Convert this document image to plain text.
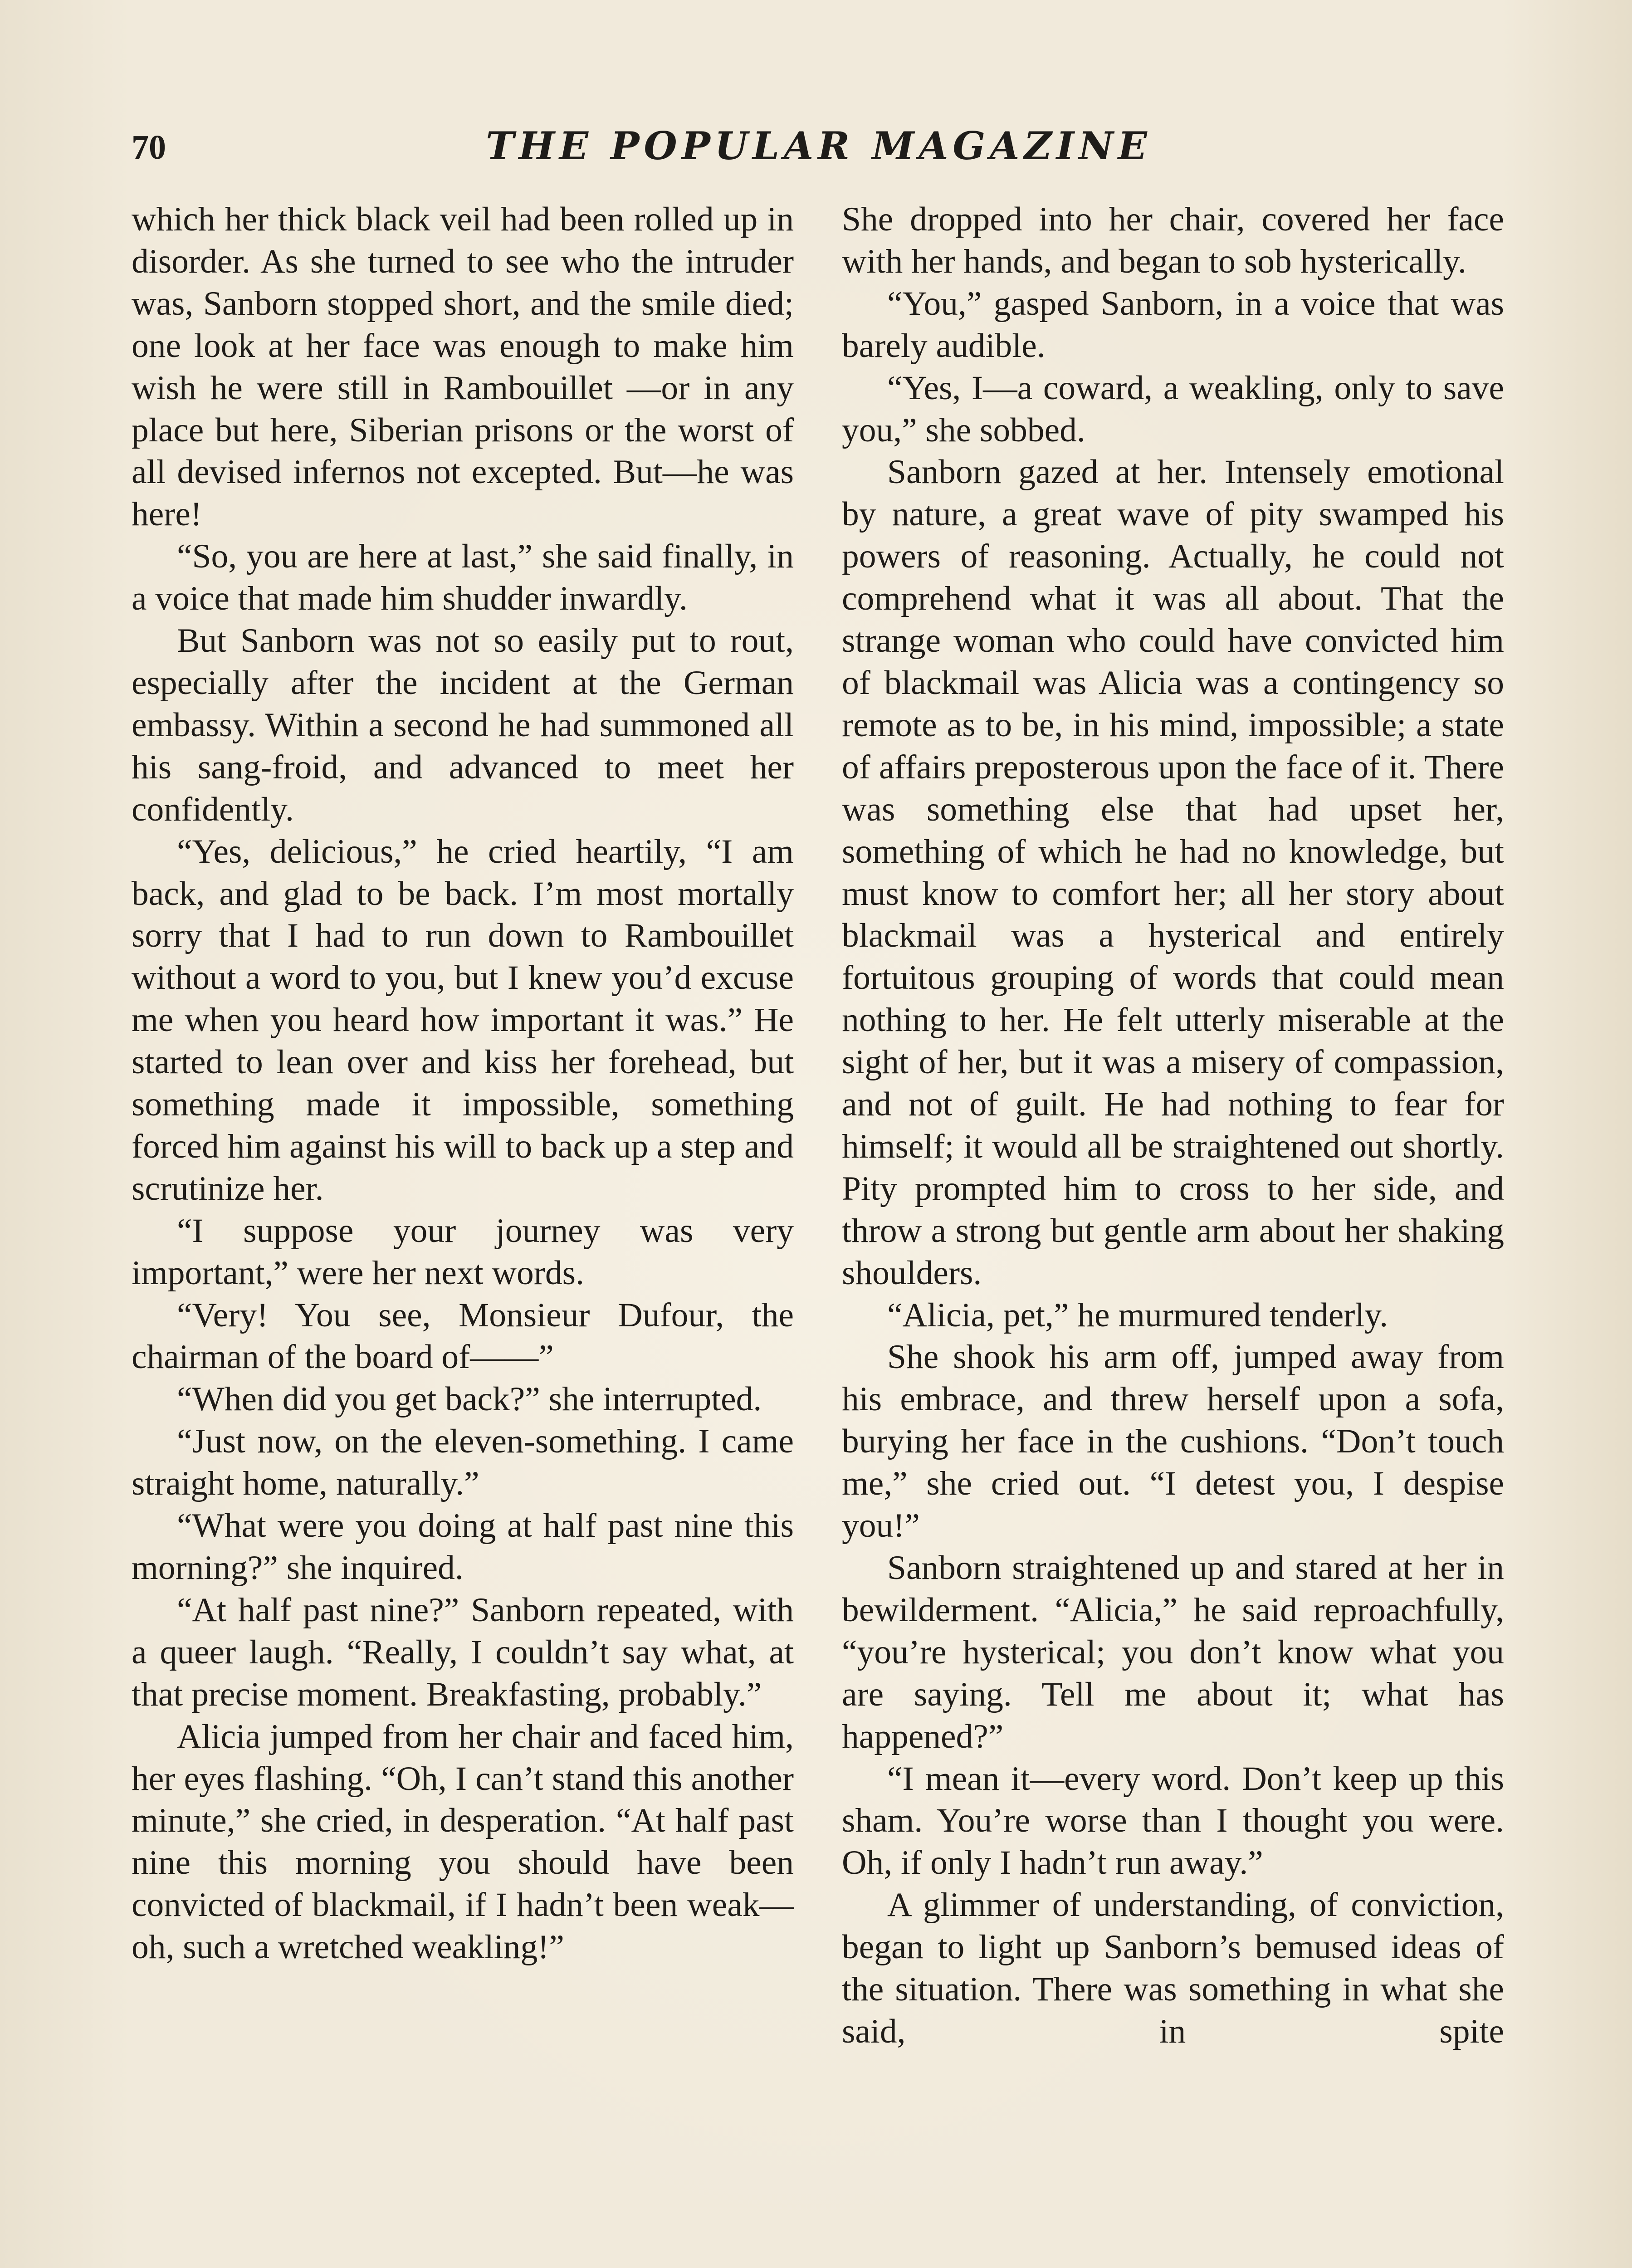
70	THE POPULAR MAGAZINE

which her thick black veil had been rolled up in disorder. As she turned to see who the intruder was, Sanborn stopped short, and the smile died; one look at her face was enough to make him wish he were still in Rambouillet —or in any place but here, Siberian prisons or the worst of all devised infernos not excepted. But—he was here!

“So, you are here at last,” she said finally, in a voice that made him shudder inwardly.

But Sanborn was not so easily put to rout, especially after the incident at the German embassy. Within a second he had summoned all his sang-froid, and advanced to meet her confidently.

“Yes, delicious,” he cried heartily, “I am back, and glad to be back. I’m most mortally sorry that I had to run down to Rambouillet without a word to you, but I knew you’d excuse me when you heard how important it was.” He started to lean over and kiss her forehead, but something made it impossible, something forced him against his will to back up a step and scrutinize her.

“I suppose your journey was very important,” were her next words.

“Very! You see, Monsieur Dufour, the chairman of the board of——”

“When did you get back?” she interrupted.

“Just now, on the eleven-something. I came straight home, naturally.”

“What were you doing at half past nine this morning?” she inquired.

“At half past nine?” Sanborn repeated, with a queer laugh. “Really, I couldn’t say what, at that precise moment. Breakfasting, probably.”

Alicia jumped from her chair and faced him, her eyes flashing. “Oh, I can’t stand this another minute,” she cried, in desperation. “At half past nine this morning you should have been convicted of blackmail, if I hadn’t been weak—oh, such a wretched weakling!”

She dropped into her chair, covered her face with her hands, and began to sob hysterically.

“You,” gasped Sanborn, in a voice that was barely audible.

“Yes, I—a coward, a weakling, only to save you,” she sobbed.

Sanborn gazed at her. Intensely emotional by nature, a great wave of pity swamped his powers of reasoning. Actually, he could not comprehend what it was all about. That the strange woman who could have convicted him of blackmail was Alicia was a contingency so remote as to be, in his mind, impossible; a state of affairs preposterous upon the face of it. There was something else that had upset her, something of which he had no knowledge, but must know to comfort her; all her story about blackmail was a hysterical and entirely fortuitous grouping of words that could mean nothing to her. He felt utterly miserable at the sight of her, but it was a misery of compassion, and not of guilt. He had nothing to fear for himself; it would all be straightened out shortly. Pity prompted him to cross to her side, and throw a strong but gentle arm about her shaking shoulders.

“Alicia, pet,” he murmured tenderly.

She shook his arm off, jumped away from his embrace, and threw herself upon a sofa, burying her face in the cushions. “Don’t touch me,” she cried out. “I detest you, I despise you!”

Sanborn straightened up and stared at her in bewilderment. “Alicia,” he said reproachfully, “you’re hysterical; you don’t know what you are saying. Tell me about it; what has happened?”

“I mean it—every word. Don’t keep up this sham. You’re worse than I thought you were. Oh, if only I hadn’t run away.”

A glimmer of understanding, of conviction, began to light up Sanborn’s bemused ideas of the situation. There was something in what she said, in spite
